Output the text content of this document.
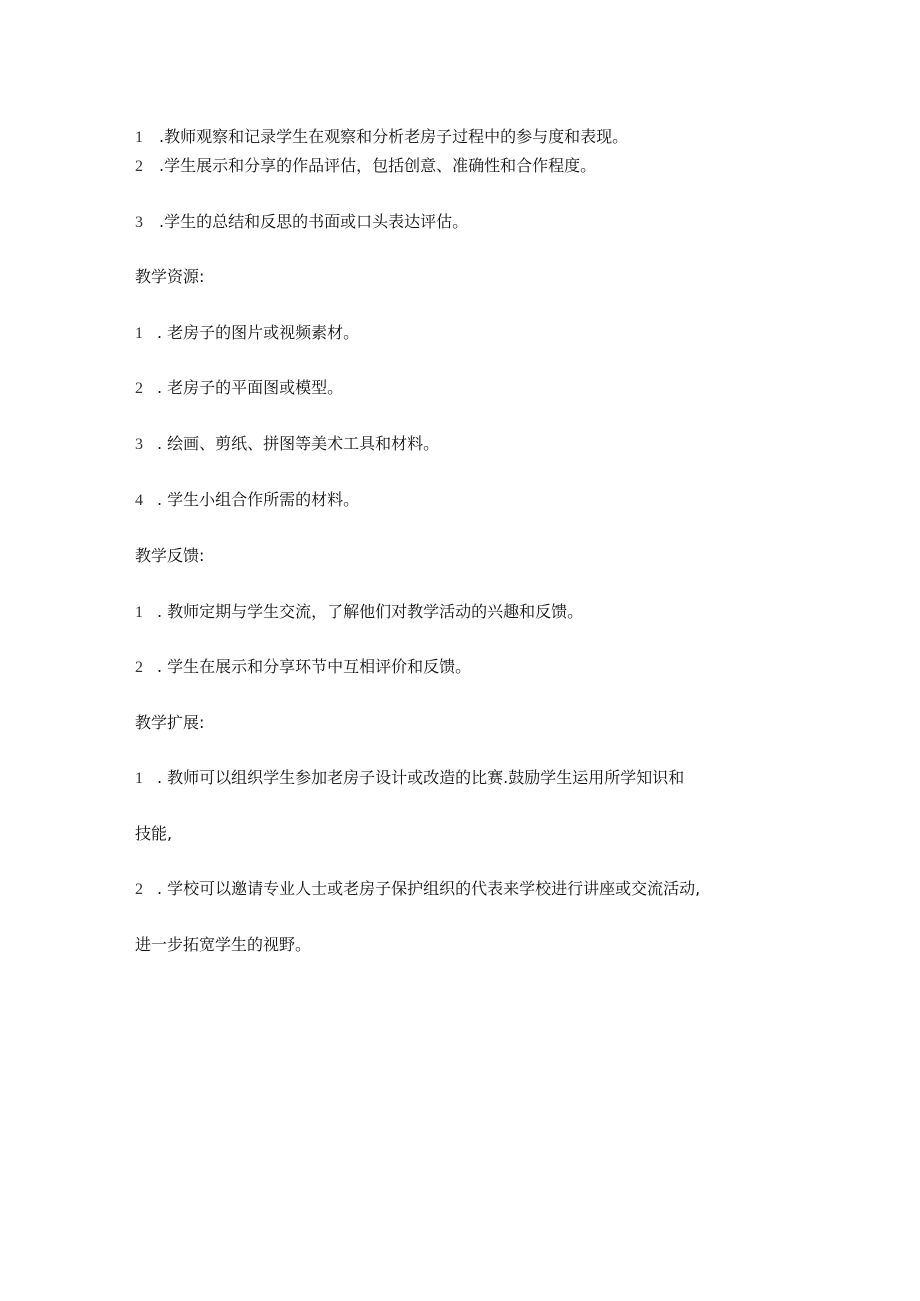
1 .教师观察和记录学生在观察和分析老房子过程中的参与度和表现。
2 .学生展示和分享的作品评估，包括创意、准确性和合作程度。
3 .学生的总结和反思的书面或口头表达评估。
教学资源:
1 . 老房子的图片或视频素材。
2 . 老房子的平面图或模型。
3 . 绘画、剪纸、拼图等美术工具和材料。
4 . 学生小组合作所需的材料。
教学反馈:
1 . 教师定期与学生交流，了解他们对教学活动的兴趣和反馈。
2 . 学生在展示和分享环节中互相评价和反馈。
教学扩展:
1 . 教师可以组织学生参加老房子设计或改造的比赛.鼓励学生运用所学知识和
技能,
2 . 学校可以邀请专业人士或老房子保护组织的代表来学校进行讲座或交流活动,
进一步拓宽学生的视野。
